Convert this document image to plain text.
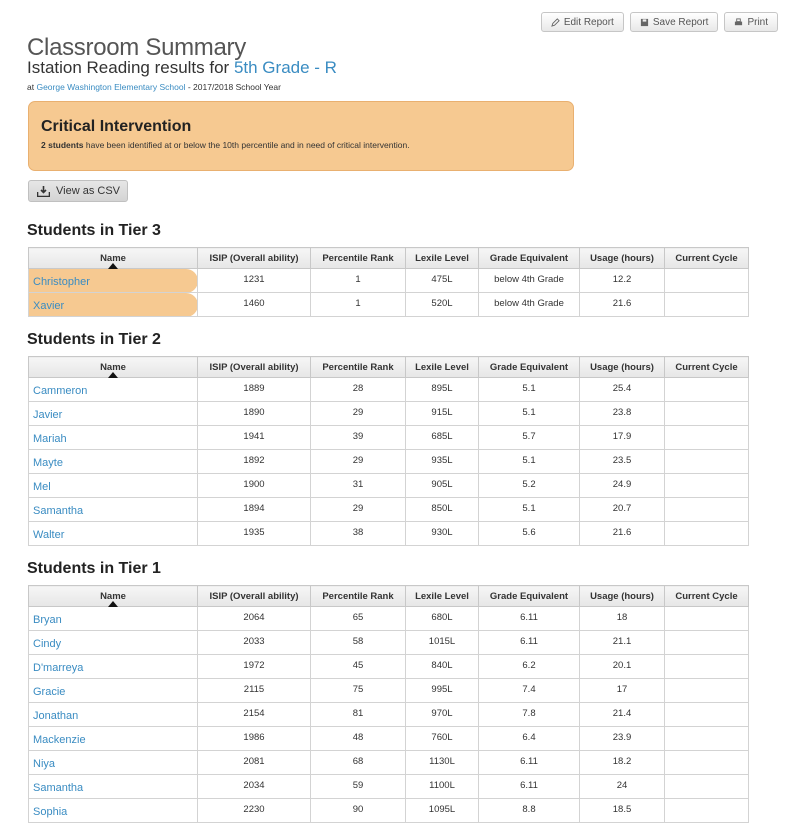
Classroom Summary
Edit Report	Save Report	Print
Istation Reading results for 5th Grade - R
at George Washington Elementary School - 2017/2018 School Year
Critical Intervention
2 students have been identified at or below the 10th percentile and in need of critical intervention.
View as CSV
Students in Tier 3
Name	ISIP (Overall ability)	Percentile Rank	Lexile Level	Grade Equivalent	Usage (hours)	Current Cycle
Christopher	1231	1	475L	below 4th Grade	12.2	
Xavier	1460	1	520L	below 4th Grade	21.6	
Students in Tier 2
Name	ISIP (Overall ability)	Percentile Rank	Lexile Level	Grade Equivalent	Usage (hours)	Current Cycle
Cammeron	1889	28	895L	5.1	25.4	
Javier	1890	29	915L	5.1	23.8	
Mariah	1941	39	685L	5.7	17.9	
Mayte	1892	29	935L	5.1	23.5	
Mel	1900	31	905L	5.2	24.9	
Samantha	1894	29	850L	5.1	20.7	
Walter	1935	38	930L	5.6	21.6	
Students in Tier 1
Name	ISIP (Overall ability)	Percentile Rank	Lexile Level	Grade Equivalent	Usage (hours)	Current Cycle
Bryan	2064	65	680L	6.11	18	
Cindy	2033	58	1015L	6.11	21.1	
D'marreya	1972	45	840L	6.2	20.1	
Gracie	2115	75	995L	7.4	17	
Jonathan	2154	81	970L	7.8	21.4	
Mackenzie	1986	48	760L	6.4	23.9	
Niya	2081	68	1130L	6.11	18.2	
Samantha	2034	59	1100L	6.11	24	
Sophia	2230	90	1095L	8.8	18.5	
